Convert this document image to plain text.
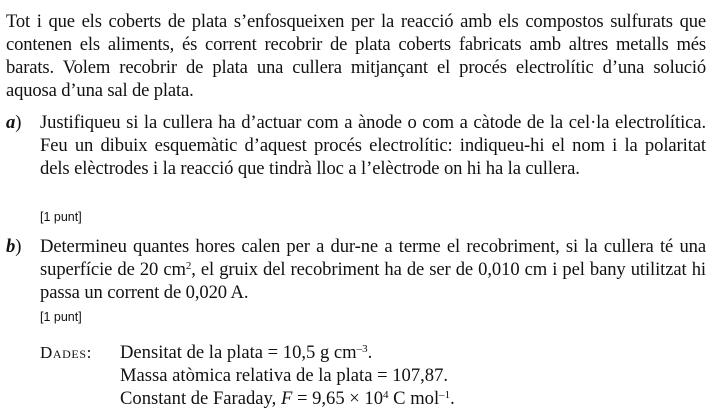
Tot i que els coberts de plata s’enfosqueixen per la reacció amb els compostos sulfurats que contenen els aliments, és corrent recobrir de plata coberts fabricats amb altres metalls més barats. Volem recobrir de plata una cullera mitjançant el procés electrolític d’una solució aquosa d’una sal de plata.
a) Justifiqueu si la cullera ha d’actuar com a ànode o com a càtode de la cel·la electrolítica. Feu un dibuix esquemàtic d’aquest procés electrolític: indiqueu-hi el nom i la polaritat dels elèctrodes i la reacció que tindrà lloc a l’elèctrode on hi ha la cullera.
[1 punt]
b) Determineu quantes hores calen per a dur-ne a terme el recobriment, si la cullera té una superfície de 20 $cm^2$, el gruix del recobriment ha de ser de 0,010 cm i pel bany utilitzat hi passa un corrent de 0,020 A.
[1 punt]
Dades: Densitat de la plata = 10,5 g $cm^{-3}$.
Massa atòmica relativa de la plata = 107,87.
Constant de Faraday, $F = 9,65 \times 10^4$ C mol$^{-1}$.
